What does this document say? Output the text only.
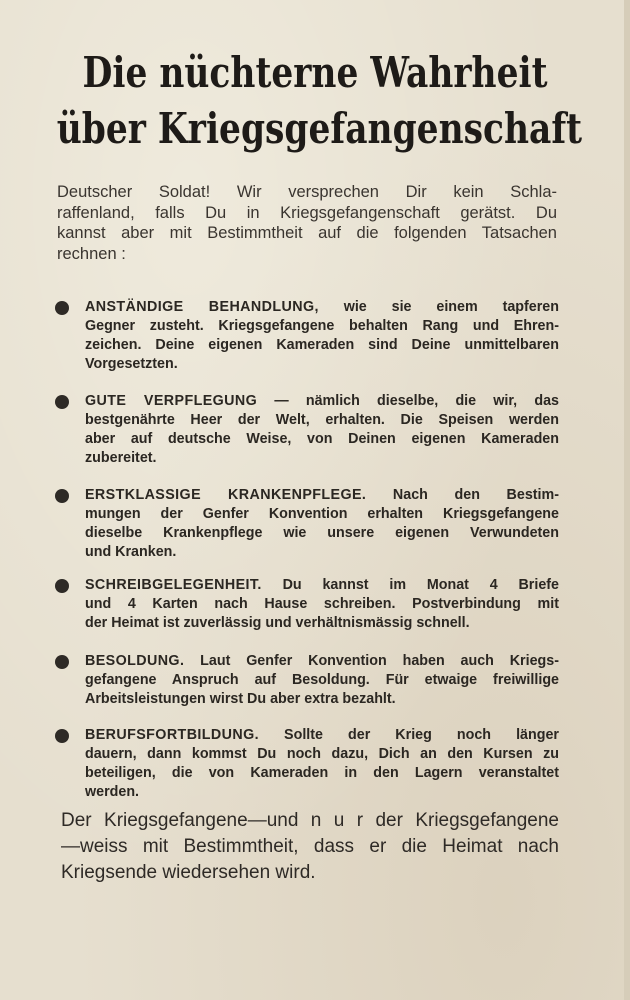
Die nüchterne Wahrheit
über Kriegsgefangenschaft
Deutscher Soldat! Wir versprechen Dir kein Schla-
raffenland, falls Du in Kriegsgefangenschaft gerätst. Du
kannst aber mit Bestimmtheit auf die folgenden Tatsachen
rechnen :
ANSTÄNDIGE BEHANDLUNG, wie sie einem tapferen
Gegner zusteht. Kriegsgefangene behalten Rang und Ehren-
zeichen. Deine eigenen Kameraden sind Deine unmittelbaren
Vorgesetzten.
GUTE VERPFLEGUNG — nämlich dieselbe, die wir, das
bestgenährte Heer der Welt, erhalten. Die Speisen werden
aber auf deutsche Weise, von Deinen eigenen Kameraden
zubereitet.
ERSTKLASSIGE KRANKENPFLEGE. Nach den Bestim-
mungen der Genfer Konvention erhalten Kriegsgefangene
dieselbe Krankenpflege wie unsere eigenen Verwundeten
und Kranken.
SCHREIBGELEGENHEIT. Du kannst im Monat 4 Briefe
und 4 Karten nach Hause schreiben. Postverbindung mit
der Heimat ist zuverlässig und verhältnismässig schnell.
BESOLDUNG. Laut Genfer Konvention haben auch Kriegs-
gefangene Anspruch auf Besoldung. Für etwaige freiwillige
Arbeitsleistungen wirst Du aber extra bezahlt.
BERUFSFORTBILDUNG. Sollte der Krieg noch länger
dauern, dann kommst Du noch dazu, Dich an den Kursen zu
beteiligen, die von Kameraden in den Lagern veranstaltet
werden.
Der Kriegsgefangene—und n u r der Kriegsgefangene
—weiss mit Bestimmtheit, dass er die Heimat nach
Kriegsende wiedersehen wird.
